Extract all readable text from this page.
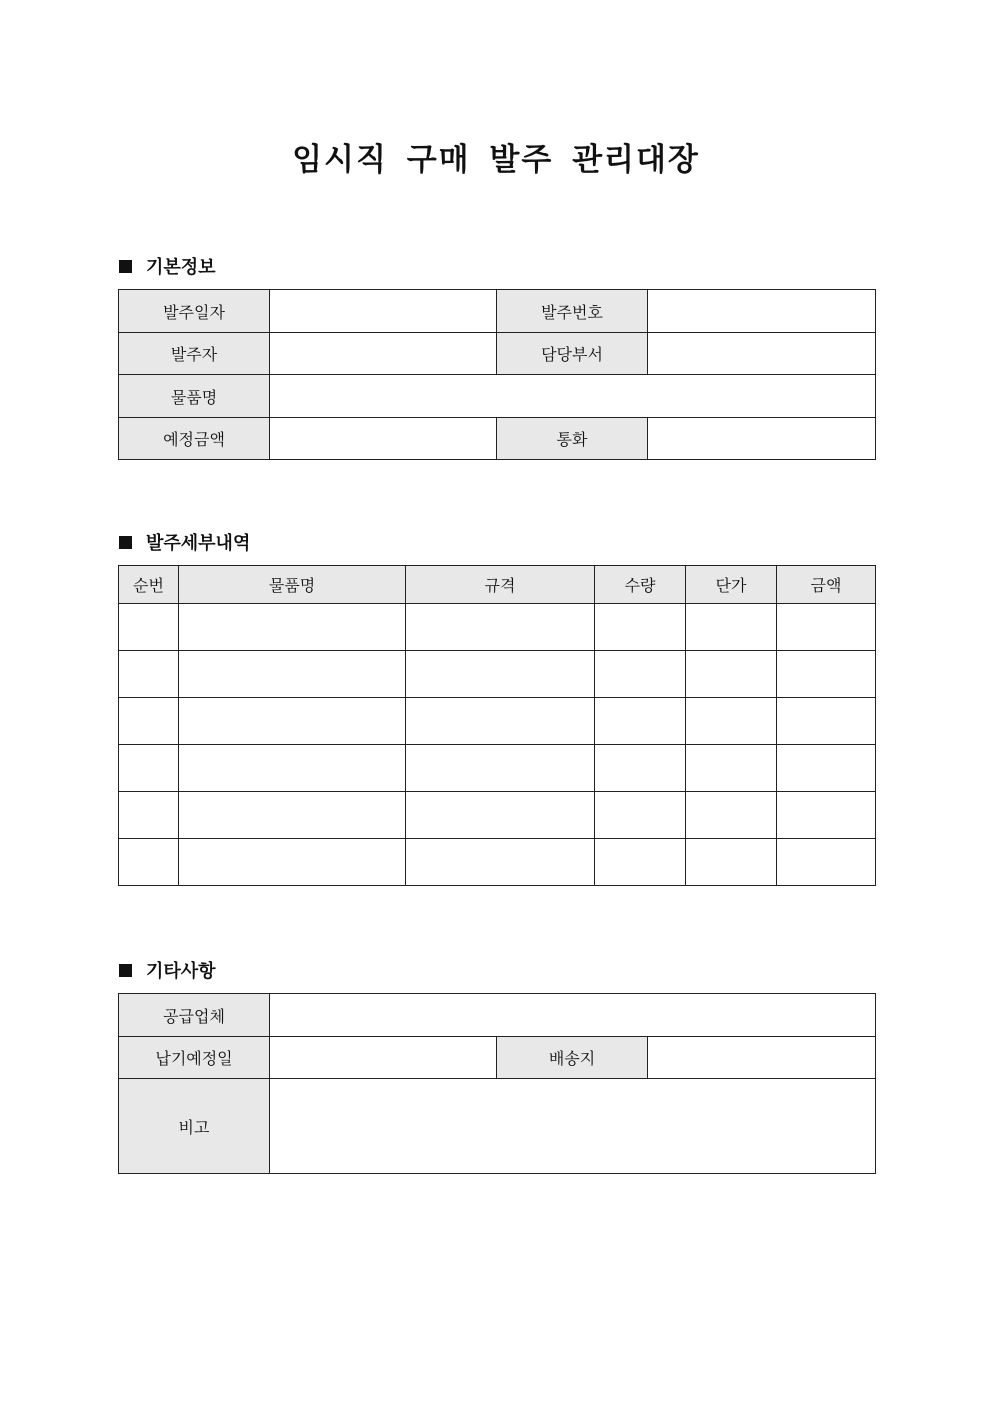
임시직 구매 발주 관리대장
기본정보
발주일자		발주번호	
발주자		담당부서	
물품명			
예정금액		통화	
발주세부내역
순번	물품명	규격	수량	단가	금액

기타사항
공급업체			
납기예정일		배송지	
비고			
